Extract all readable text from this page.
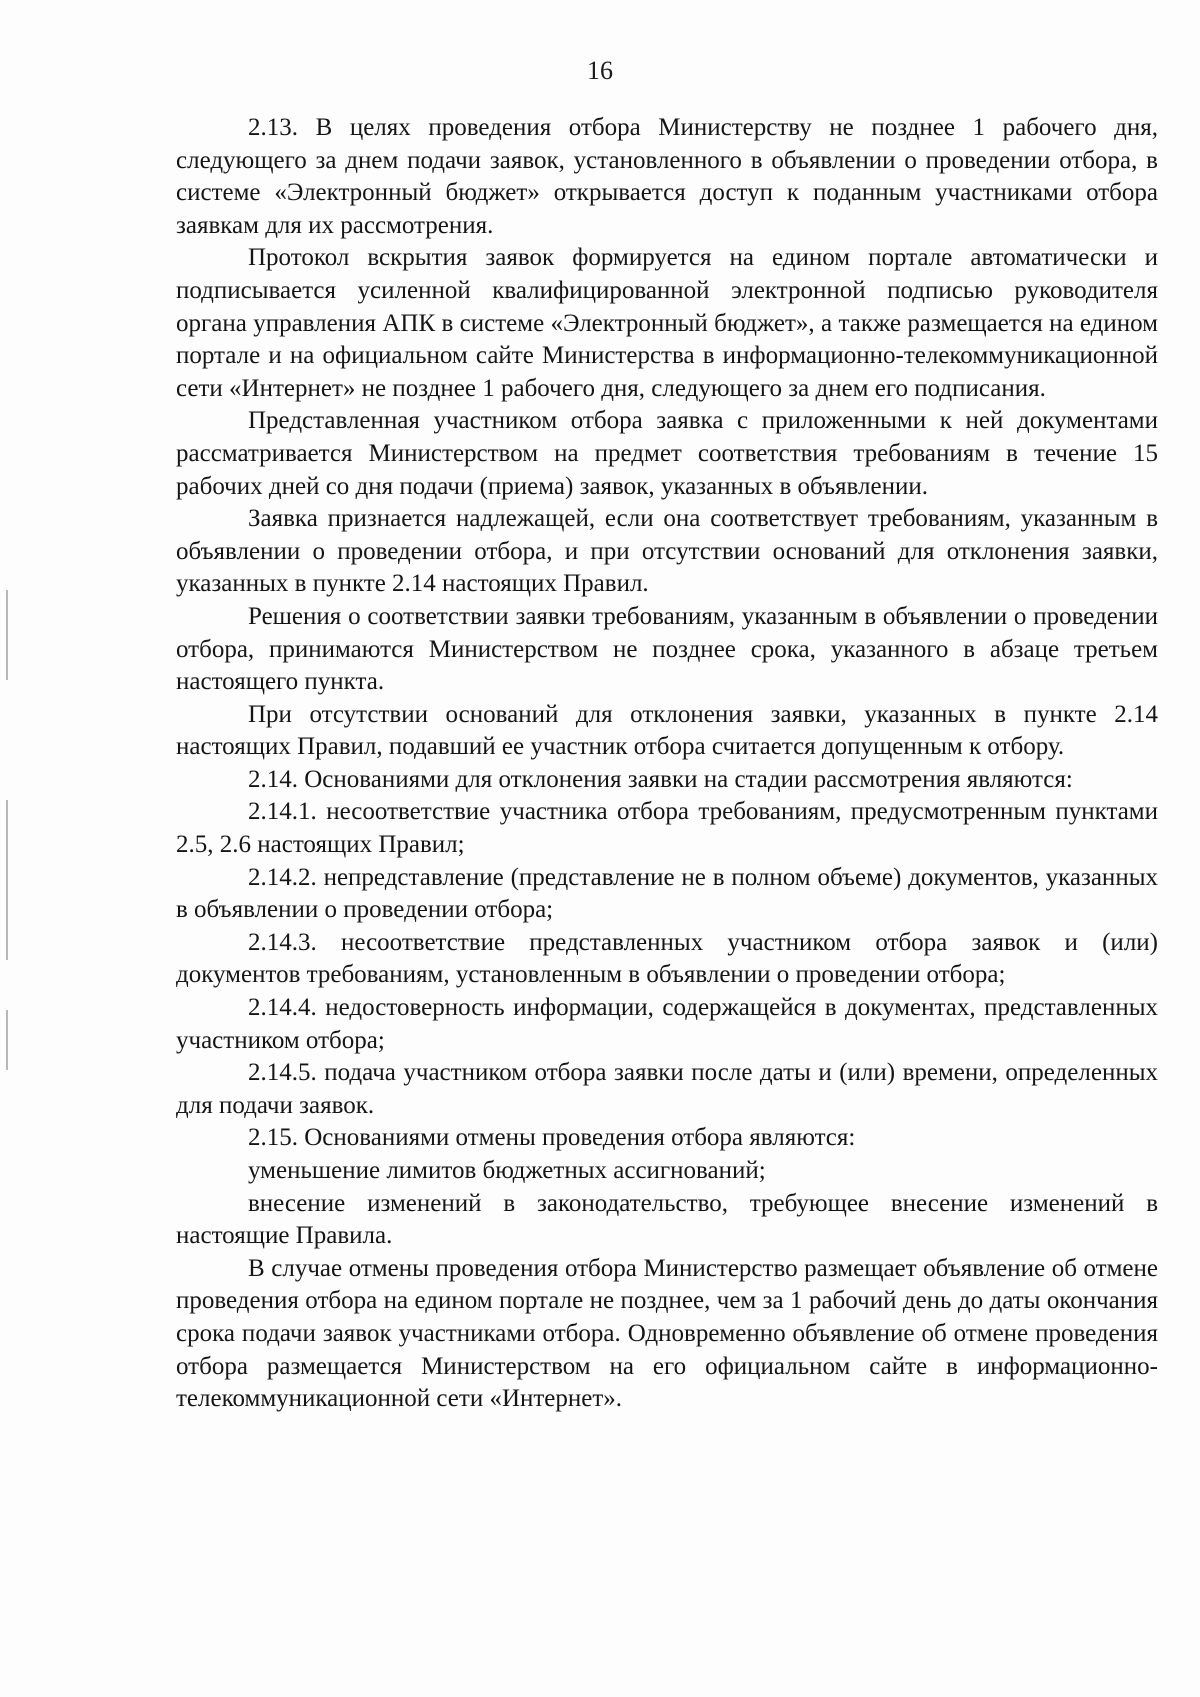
16

2.13. В целях проведения отбора Министерству не позднее 1 рабочего дня, следующего за днем подачи заявок, установленного в объявлении о проведении отбора, в системе «Электронный бюджет» открывается доступ к поданным участниками отбора заявкам для их рассмотрения.

Протокол вскрытия заявок формируется на едином портале автоматически и подписывается усиленной квалифицированной электронной подписью руководителя органа управления АПК в системе «Электронный бюджет», а также размещается на едином портале и на официальном сайте Министерства в информационно-телекоммуникационной сети «Интернет» не позднее 1 рабочего дня, следующего за днем его подписания.

Представленная участником отбора заявка с приложенными к ней документами рассматривается Министерством на предмет соответствия требованиям в течение 15 рабочих дней со дня подачи (приема) заявок, указанных в объявлении.

Заявка признается надлежащей, если она соответствует требованиям, указанным в объявлении о проведении отбора, и при отсутствии оснований для отклонения заявки, указанных в пункте 2.14 настоящих Правил.

Решения о соответствии заявки требованиям, указанным в объявлении о проведении отбора, принимаются Министерством не позднее срока, указанного в абзаце третьем настоящего пункта.

При отсутствии оснований для отклонения заявки, указанных в пункте 2.14 настоящих Правил, подавший ее участник отбора считается допущенным к отбору.

2.14. Основаниями для отклонения заявки на стадии рассмотрения являются:

2.14.1. несоответствие участника отбора требованиям, предусмотренным пунктами 2.5, 2.6 настоящих Правил;

2.14.2. непредставление (представление не в полном объеме) документов, указанных в объявлении о проведении отбора;

2.14.3. несоответствие представленных участником отбора заявок и (или) документов требованиям, установленным в объявлении о проведении отбора;

2.14.4. недостоверность информации, содержащейся в документах, представленных участником отбора;

2.14.5. подача участником отбора заявки после даты и (или) времени, определенных для подачи заявок.

2.15. Основаниями отмены проведения отбора являются:

уменьшение лимитов бюджетных ассигнований;

внесение изменений в законодательство, требующее внесение изменений в настоящие Правила.

В случае отмены проведения отбора Министерство размещает объявление об отмене проведения отбора на едином портале не позднее, чем за 1 рабочий день до даты окончания срока подачи заявок участниками отбора. Одновременно объявление об отмене проведения отбора размещается Министерством на его официальном сайте в информационно-телекоммуникационной сети «Интернет».
